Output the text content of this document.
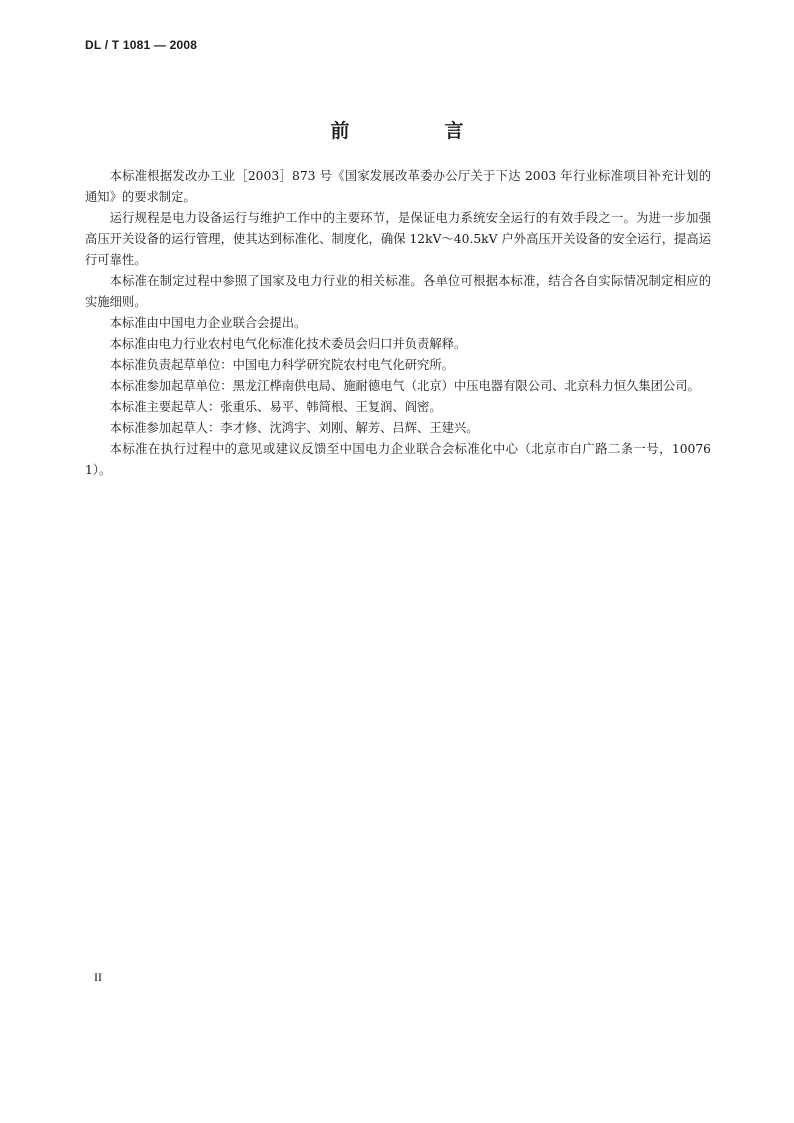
DL / T 1081 — 2008
前　言

本标准根据发改办工业［2003］873 号《国家发展改革委办公厅关于下达 2003 年行业标准项目补充计划的通知》的要求制定。

运行规程是电力设备运行与维护工作中的主要环节，是保证电力系统安全运行的有效手段之一。为进一步加强高压开关设备的运行管理，使其达到标准化、制度化，确保 12kV～40.5kV 户外高压开关设备的安全运行，提高运行可靠性。

本标准在制定过程中参照了国家及电力行业的相关标准。各单位可根据本标准，结合各自实际情况制定相应的实施细则。

本标准由中国电力企业联合会提出。

本标准由电力行业农村电气化标准化技术委员会归口并负责解释。

本标准负责起草单位：中国电力科学研究院农村电气化研究所。

本标准参加起草单位：黑龙江桦南供电局、施耐德电气（北京）中压电器有限公司、北京科力恒久集团公司。

本标准主要起草人：张重乐、易平、韩简根、王复润、阎密。

本标准参加起草人：李才修、沈鸿宇、刘刚、解芳、吕辉、王建兴。

本标准在执行过程中的意见或建议反馈至中国电力企业联合会标准化中心（北京市白广路二条一号，100761）。

II
